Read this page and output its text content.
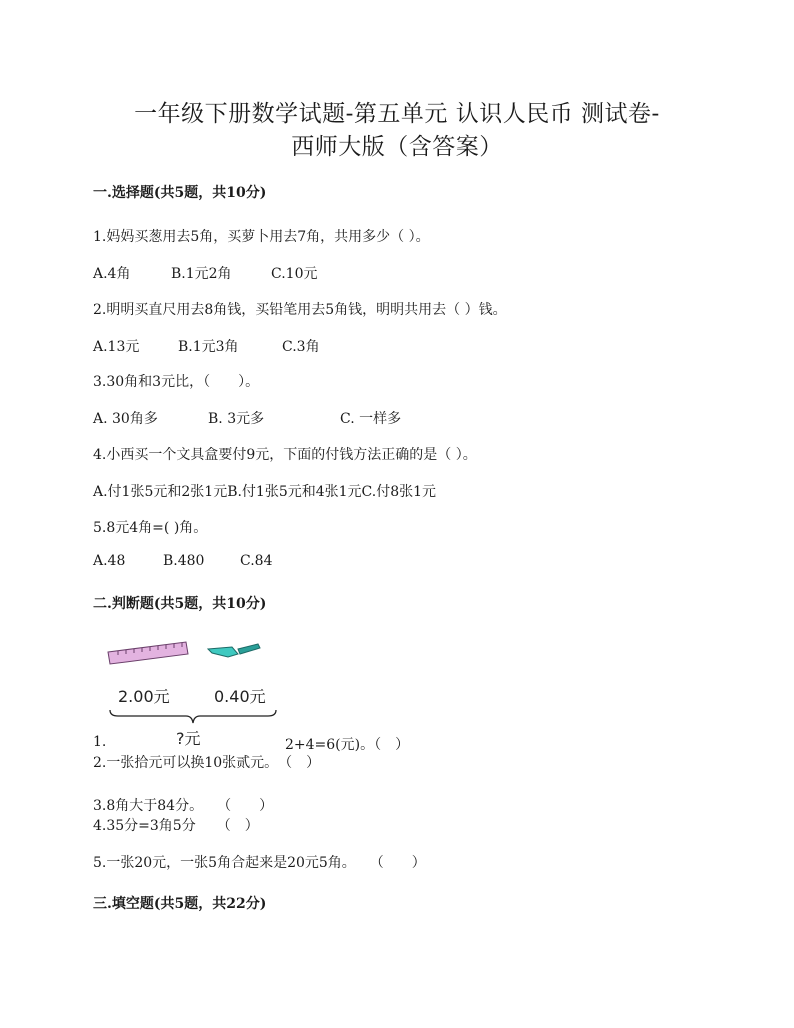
一年级下册数学试题-第五单元 认识人民币 测试卷-
西师大版（含答案）
一.选择题(共5题，共10分)
1.妈妈买葱用去5角，买萝卜用去7角，共用多少（ ）。
A.4角	B.1元2角	C.10元
2.明明买直尺用去8角钱，买铅笔用去5角钱，明明共用去（ ）钱。
A.13元	B.1元3角	C.3角
3.30角和3元比，（　　）。
A. 30角多	B. 3元多	C. 一样多
4.小西买一个文具盒要付9元，下面的付钱方法正确的是（ ）。
A.付1张5元和2张1元B.付1张5元和4张1元C.付8张1元
5.8元4角=( )角。
A.48	B.480	C.84
二.判断题(共5题，共10分)
2.00元	0.40元
?元
1.	2+4=6(元)。（　）
2.一张拾元可以换10张贰元。　（　）
3.8角大于84分。　　（　　）
4.35分=3角5分　　（　）
5.一张20元，一张5角合起来是20元5角。　　（　　）
三.填空题(共5题，共22分)
